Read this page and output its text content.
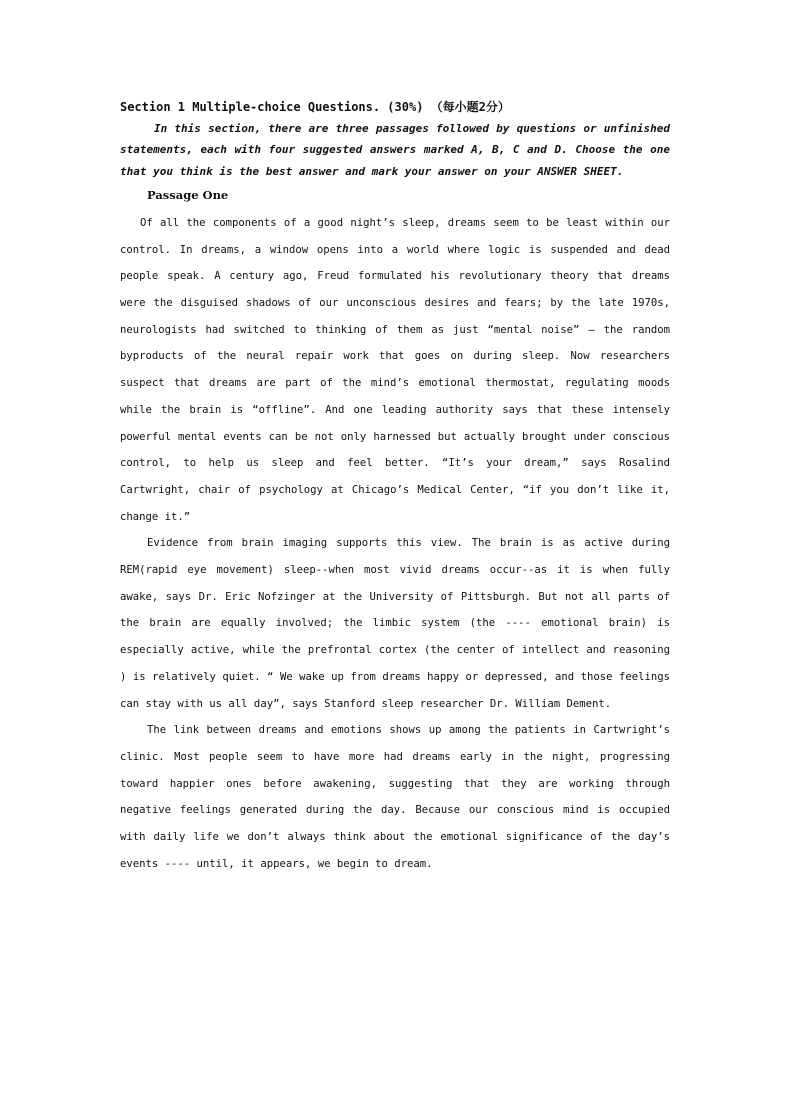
Section 1 Multiple-choice Questions. (30%) （每小题2分）

In this section, there are three passages followed by questions or unfinished statements, each with four suggested answers marked A, B, C and D. Choose the one that you think is the best answer and mark your answer on your ANSWER SHEET.

Passage One

Of all the components of a good night’s sleep, dreams seem to be least within our control. In dreams, a window opens into a world where logic is suspended and dead people speak. A century ago, Freud formulated his revolutionary theory that dreams were the disguised shadows of our unconscious desires and fears; by the late 1970s, neurologists had switched to thinking of them as just “mental noise” – the random byproducts of the neural repair work that goes on during sleep. Now researchers suspect that dreams are part of the mind’s emotional thermostat, regulating moods while the brain is “offline”. And one leading authority says that these intensely powerful mental events can be not only harnessed but actually brought under conscious control, to help us sleep and feel better. “It’s your dream,” says Rosalind Cartwright, chair of psychology at Chicago’s Medical Center, “if you don’t like it, change it.”

Evidence from brain imaging supports this view. The brain is as active during REM(rapid eye movement) sleep--when most vivid dreams occur--as it is when fully awake, says Dr. Eric Nofzinger at the University of Pittsburgh. But not all parts of the brain are equally involved; the limbic system (the ---- emotional brain) is especially active, while the prefrontal cortex (the center of intellect and reasoning ) is relatively quiet. “ We wake up from dreams happy or depressed, and those feelings can stay with us all day”, says Stanford sleep researcher Dr. William Dement.

The link between dreams and emotions shows up among the patients in Cartwright’s clinic. Most people seem to have more had dreams early in the night, progressing toward happier ones before awakening, suggesting that they are working through negative feelings generated during the day. Because our conscious mind is occupied with daily life we don’t always think about the emotional significance of the day’s events ---- until, it appears, we begin to dream.
